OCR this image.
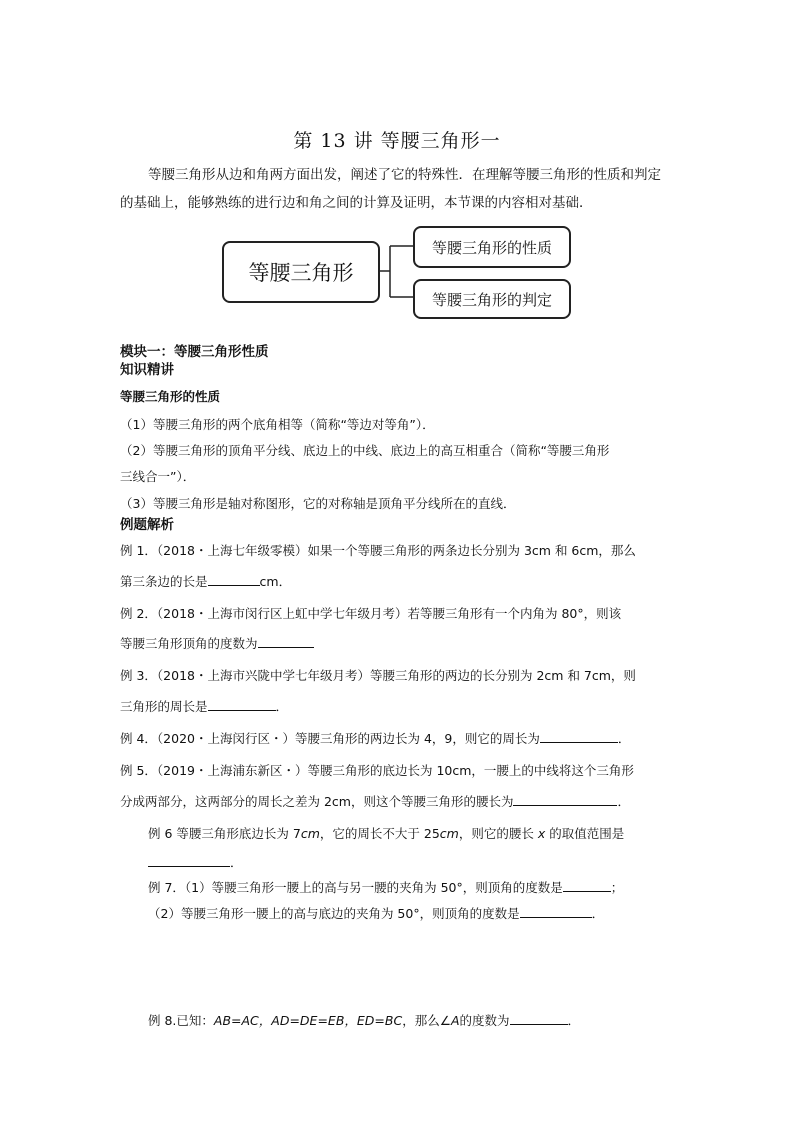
第 13 讲 等腰三角形一
等腰三角形从边和角两方面出发，阐述了它的特殊性．在理解等腰三角形的性质和判定
的基础上，能够熟练的进行边和角之间的计算及证明，本节课的内容相对基础．
等腰三角形
等腰三角形的性质
等腰三角形的判定
模块一：等腰三角形性质
知识精讲
等腰三角形的性质
（1）等腰三角形的两个底角相等（简称“等边对等角”）．
（2）等腰三角形的顶角平分线、底边上的中线、底边上的高互相重合（简称“等腰三角形
三线合一”）．
（3）等腰三角形是轴对称图形，它的对称轴是顶角平分线所在的直线．
例题解析
例 1．（2018・上海七年级零模）如果一个等腰三角形的两条边长分别为 3cm 和 6cm，那么
第三条边的长是	cm．
例 2．（2018・上海市闵行区上虹中学七年级月考）若等腰三角形有一个内角为 80°，则该
等腰三角形顶角的度数为
例 3．（2018・上海市兴陇中学七年级月考）等腰三角形的两边的长分别为 2cm 和 7cm，则
三角形的周长是	．
例 4．（2020・上海闵行区・）等腰三角形的两边长为 4，9，则它的周长为	．
例 5．（2019・上海浦东新区・）等腰三角形的底边长为 10cm，一腰上的中线将这个三角形
分成两部分，这两部分的周长之差为 2cm，则这个等腰三角形的腰长为	．
例 6 等腰三角形底边长为 7cm，它的周长不大于 25cm，则它的腰长 x 的取值范围是
．
例 7．（1）等腰三角形一腰上的高与另一腰的夹角为 50°，则顶角的度数是	；
（2）等腰三角形一腰上的高与底边的夹角为 50°，则顶角的度数是	．
例 8.已知：AB=AC，AD=DE=EB，ED=BC，那么∠A的度数为	．
